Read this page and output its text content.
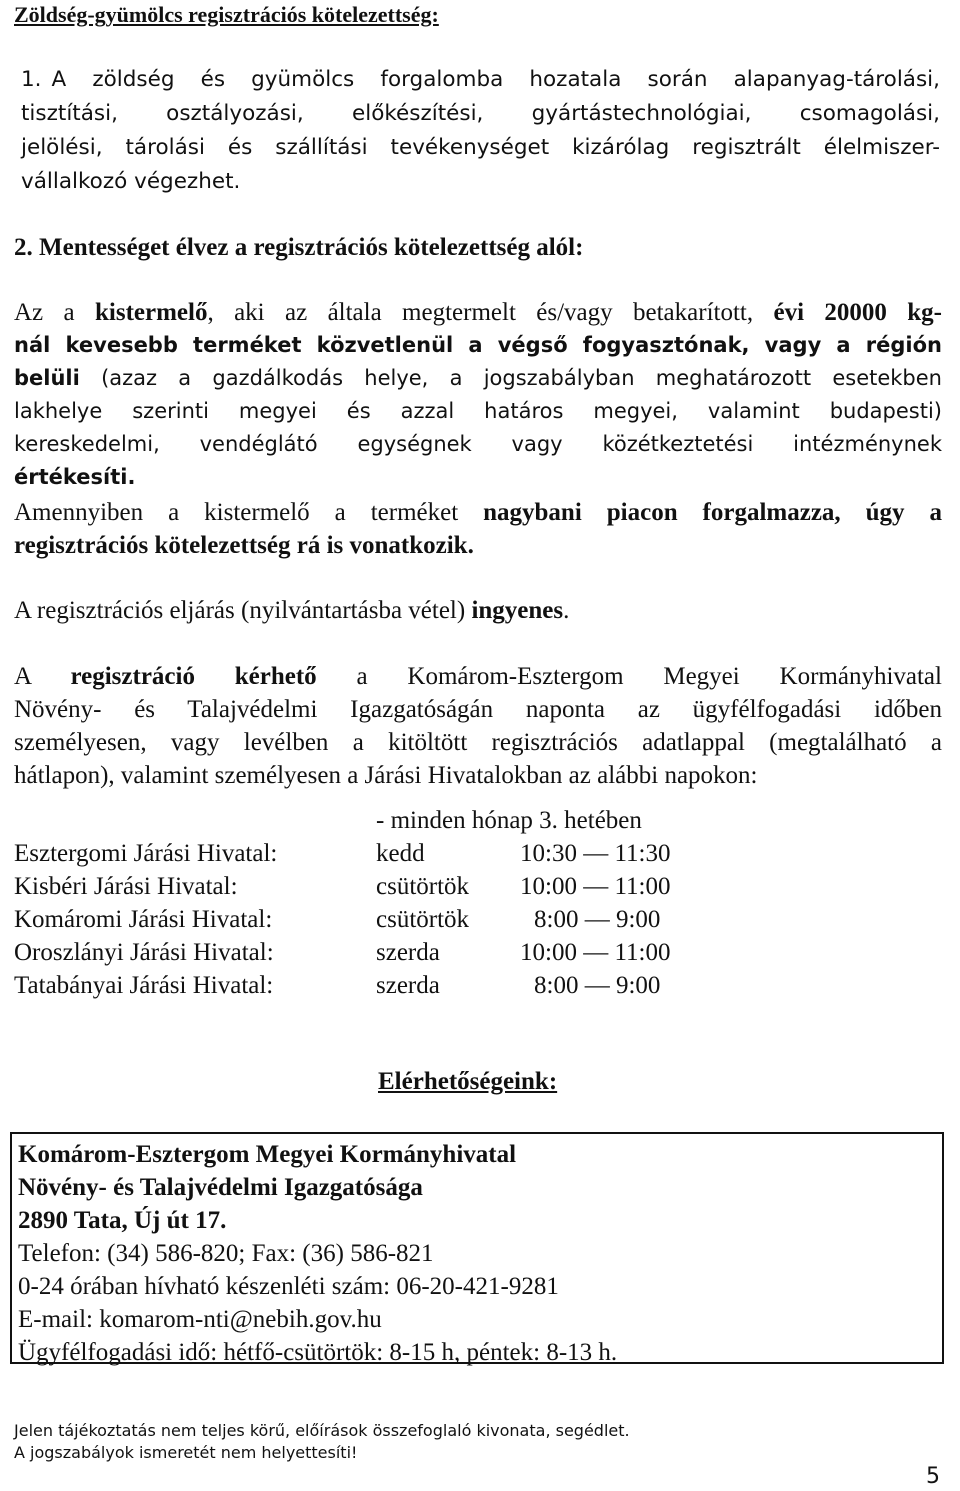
Zöldség-gyümölcs regisztrációs kötelezettség:
1. A zöldség és gyümölcs forgalomba hozatala során alapanyag-tárolási,
tisztítási, osztályozási, előkészítési, gyártástechnológiai, csomagolási,
jelölési, tárolási és szállítási tevékenységet kizárólag regisztrált élelmiszer-
vállalkozó végezhet.
2. Mentességet élvez a regisztrációs kötelezettség alól:
Az a kistermelő, aki az általa megtermelt és/vagy betakarított, évi 20000 kg-
nál kevesebb terméket közvetlenül a végső fogyasztónak, vagy a régión
belüli (azaz a gazdálkodás helye, a jogszabályban meghatározott esetekben
lakhelye szerinti megyei és azzal határos megyei, valamint budapesti)
kereskedelmi, vendéglátó egységnek vagy közétkeztetési intézménynek
értékesíti.
Amennyiben a kistermelő a terméket nagybani piacon forgalmazza, úgy a
regisztrációs kötelezettség rá is vonatkozik.
A regisztrációs eljárás (nyilvántartásba vétel) ingyenes.
A regisztráció kérhető a Komárom-Esztergom Megyei Kormányhivatal
Növény- és Talajvédelmi Igazgatóságán naponta az ügyfélfogadási időben
személyesen, vagy levélben a kitöltött regisztrációs adatlappal (megtalálható a
hátlapon), valamint személyesen a Járási Hivatalokban az alábbi napokon:
	- minden hónap 3. hetében	
Esztergomi Járási Hivatal:	kedd	10:30 — 11:30
Kisbéri Járási Hivatal:	csütörtök	10:00 — 11:00
Komáromi Járási Hivatal:	csütörtök	8:00 — 9:00
Oroszlányi Járási Hivatal:	szerda	10:00 — 11:00
Tatabányai Járási Hivatal:	szerda	8:00 — 9:00
Elérhetőségeink:
Komárom-Esztergom Megyei Kormányhivatal
Növény- és Talajvédelmi Igazgatósága
2890 Tata, Új út 17.
Telefon: (34) 586-820; Fax: (36) 586-821
0-24 órában hívható készenléti szám: 06-20-421-9281
E-mail: komarom-nti@nebih.gov.hu
Ügyfélfogadási idő: hétfő-csütörtök: 8-15 h, péntek: 8-13 h.
Jelen tájékoztatás nem teljes körű, előírások összefoglaló kivonata, segédlet.
A jogszabályok ismeretét nem helyettesíti!
5
